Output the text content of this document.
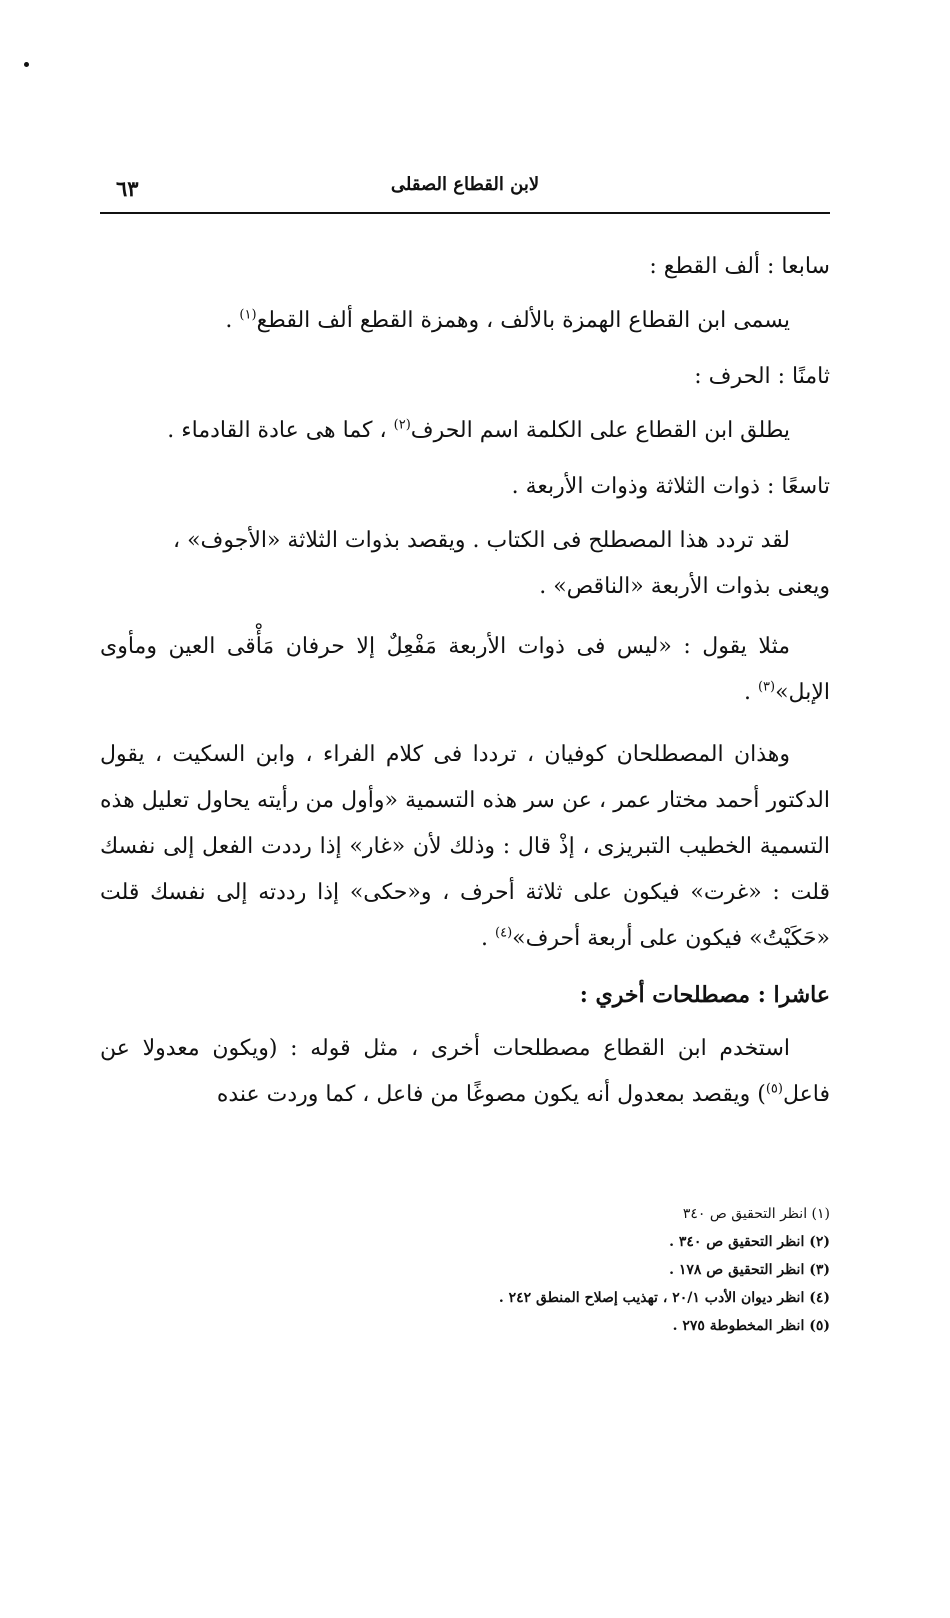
٦٣	لابن القطاع الصقلى
سابعا : ألف القطع :

يسمى ابن القطاع الهمزة بالألف ، وهمزة القطع ألف القطع$^{(١)}$ .

ثامنًا : الحرف :

يطلق ابن القطاع على الكلمة اسم الحرف$^{(٢)}$ ، كما هى عادة القادماء .

تاسعًا : ذوات الثلاثة وذوات الأربعة .

لقد تردد هذا المصطلح فى الكتاب . ويقصد بذوات الثلاثة «الأجوف» ،
ويعنى بذوات الأربعة «الناقص» .

مثلا يقول : «ليس فى ذوات الأربعة مَفْعِلٌ إلا حرفان مَأْقى العين ومأوى الإبل»$^{(٣)}$ .

وهذان المصطلحان كوفيان ، ترددا فى كلام الفراء ، وابن السكيت ، يقول الدكتور أحمد مختار عمر ، عن سر هذه التسمية «وأول من رأيته يحاول تعليل هذه التسمية الخطيب التبريزى ، إذْ قال : وذلك لأن «غار» إذا رددت الفعل إلى نفسك قلت : «غرت» فيكون على ثلاثة أحرف ، و«حكى» إذا رددته إلى نفسك قلت «حَكَيْتُ» فيكون على أربعة أحرف»$^{(٤)}$ .

عاشرا : مصطلحات أخري :

استخدم ابن القطاع مصطلحات أخرى ، مثل قوله : (ويكون معدولا عن فاعل$^{(٥)}$) ويقصد بمعدول أنه يكون مصوغًا من فاعل ، كما وردت عنده

(١) انظر التحقيق ص ٣٤٠

(٢) انظر التحقيق ص ٣٤٠ .

(٣) انظر التحقيق ص ١٧٨ .

(٤) انظر ديوان الأدب ٢٠/١ ، تهذيب إصلاح المنطق ٢٤٢ .

(٥) انظر المخطوطة ٢٧٥ .
